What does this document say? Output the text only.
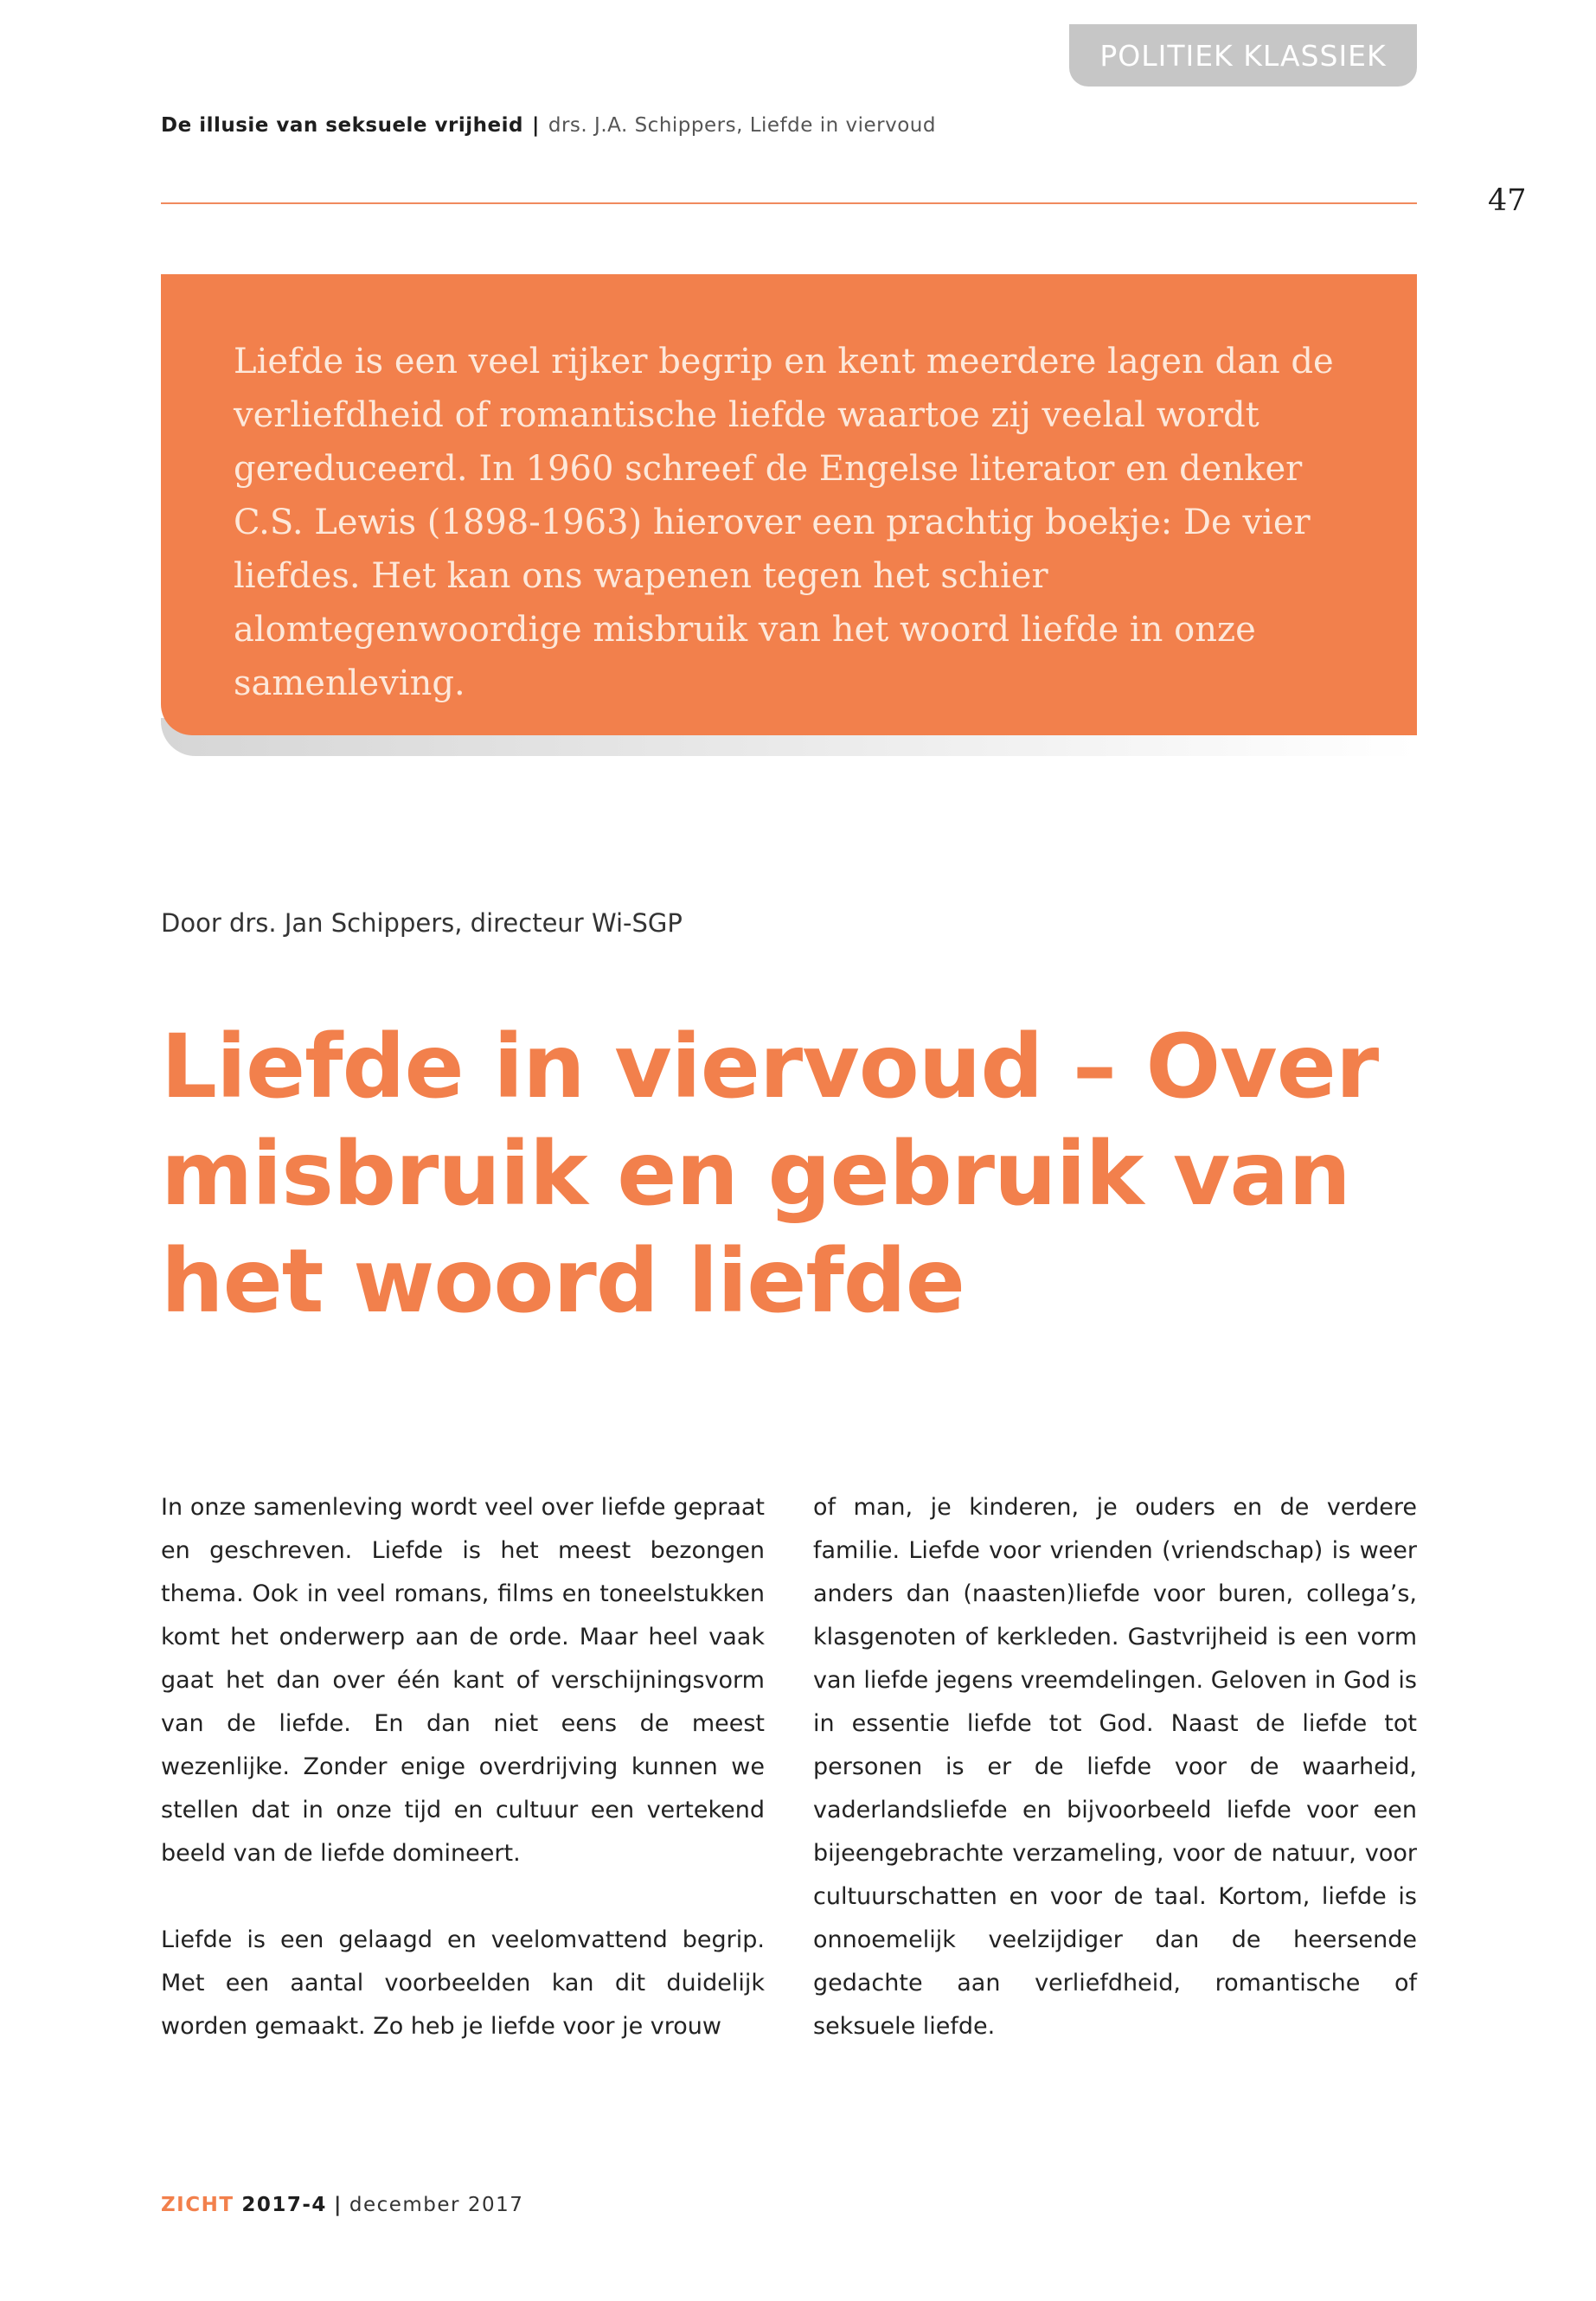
POLITIEK KLASSIEK
De illusie van seksuele vrijheid | drs. J.A. Schippers, Liefde in viervoud
47

Liefde is een veel rijker begrip en kent meerdere lagen dan de verliefdheid of romantische liefde waartoe zij veelal wordt gereduceerd. In 1960 schreef de Engelse literator en denker C.S. Lewis (1898-1963) hierover een prachtig boekje: De vier liefdes. Het kan ons wapenen tegen het schier alomtegenwoordige misbruik van het woord liefde in onze samenleving.

Door drs. Jan Schippers, directeur Wi-SGP
Liefde in viervoud – Over misbruik en gebruik van het woord liefde

In onze samenleving wordt veel over liefde gepraat en geschreven. Liefde is het meest bezongen thema. Ook in veel romans, films en toneelstukken komt het onderwerp aan de orde. Maar heel vaak gaat het dan over één kant of verschijningsvorm van de liefde. En dan niet eens de meest wezenlijke. Zonder enige overdrijving kunnen we stellen dat in onze tijd en cultuur een vertekend beeld van de liefde domineert.

Liefde is een gelaagd en veelomvattend begrip. Met een aantal voorbeelden kan dit duidelijk worden gemaakt. Zo heb je liefde voor je vrouw

of man, je kinderen, je ouders en de verdere familie. Liefde voor vrienden (vriendschap) is weer anders dan (naasten)liefde voor buren, collega’s, klasgenoten of kerkleden. Gastvrijheid is een vorm van liefde jegens vreemdelingen. Geloven in God is in essentie liefde tot God. Naast de liefde tot personen is er de liefde voor de waarheid, vaderlandsliefde en bijvoorbeeld liefde voor een bijeengebrachte verzameling, voor de natuur, voor cultuurschatten en voor de taal. Kortom, liefde is onnoemelijk veelzijdiger dan de heersende gedachte aan verliefdheid, romantische of seksuele liefde.

ZICHT 2017-4 | december 2017
